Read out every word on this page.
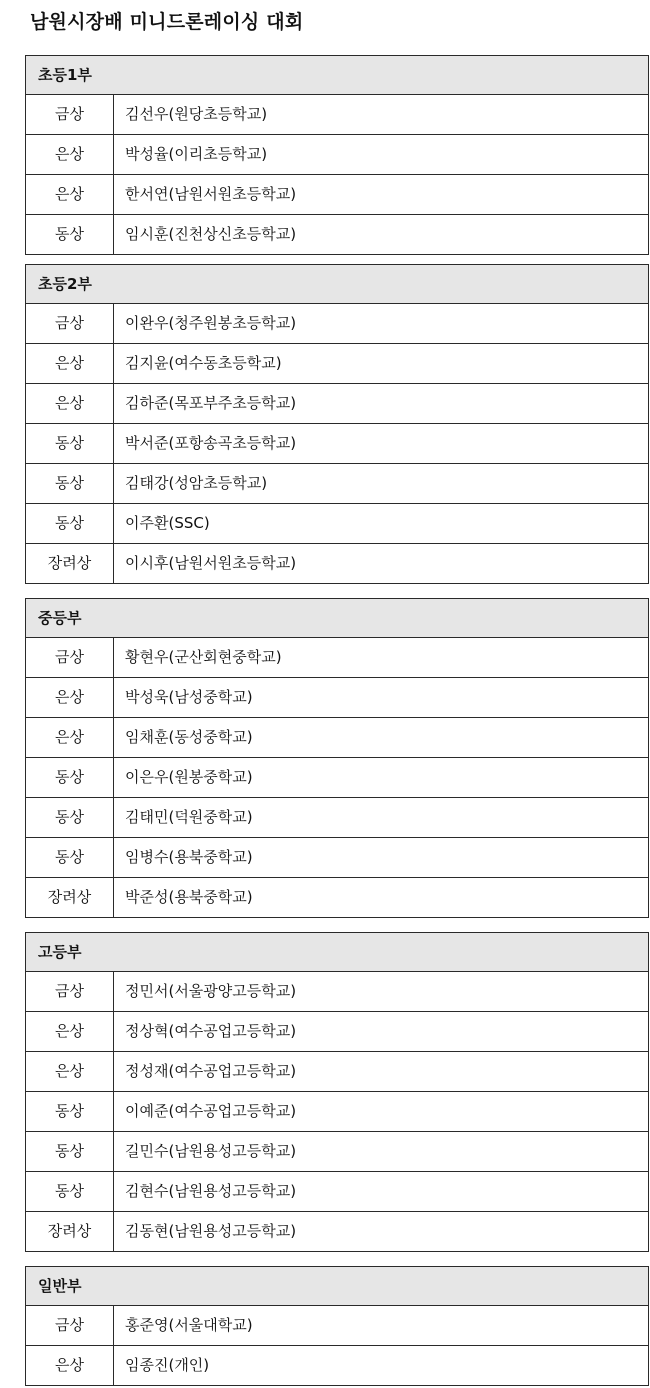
남원시장배 미니드론레이싱 대회
초등1부
금상	김선우(원당초등학교)
은상	박성율(이리초등학교)
은상	한서연(남원서원초등학교)
동상	임시훈(진천상신초등학교)
초등2부
금상	이완우(청주원봉초등학교)
은상	김지윤(여수동초등학교)
은상	김하준(목포부주초등학교)
동상	박서준(포항송곡초등학교)
동상	김태강(성암초등학교)
동상	이주환(SSC)
장려상	이시후(남원서원초등학교)
중등부
금상	황현우(군산회현중학교)
은상	박성욱(남성중학교)
은상	임채훈(동성중학교)
동상	이은우(원봉중학교)
동상	김태민(덕원중학교)
동상	임병수(용북중학교)
장려상	박준성(용북중학교)
고등부
금상	정민서(서울광양고등학교)
은상	정상혁(여수공업고등학교)
은상	정성재(여수공업고등학교)
동상	이예준(여수공업고등학교)
동상	길민수(남원용성고등학교)
동상	김현수(남원용성고등학교)
장려상	김동현(남원용성고등학교)
일반부
금상	홍준영(서울대학교)
은상	임종진(개인)
